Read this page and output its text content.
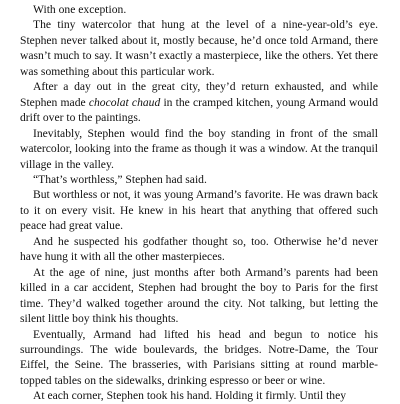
With one exception.

The tiny watercolor that hung at the level of a nine-year-old’s eye. Stephen never talked about it, mostly because, he’d once told Armand, there wasn’t much to say. It wasn’t exactly a masterpiece, like the others. Yet there was something about this particular work.

After a day out in the great city, they’d return exhausted, and while Stephen made chocolat chaud in the cramped kitchen, young Armand would drift over to the paintings.

Inevitably, Stephen would find the boy standing in front of the small watercolor, looking into the frame as though it was a window. At the tranquil village in the valley.

“That’s worthless,” Stephen had said.

But worthless or not, it was young Armand’s favorite. He was drawn back to it on every visit. He knew in his heart that anything that offered such peace had great value.

And he suspected his godfather thought so, too. Otherwise he’d never have hung it with all the other masterpieces.

At the age of nine, just months after both Armand’s parents had been killed in a car accident, Stephen had brought the boy to Paris for the first time. They’d walked together around the city. Not talking, but letting the silent little boy think his thoughts.

Eventually, Armand had lifted his head and begun to notice his surroundings. The wide boulevards, the bridges. Notre-Dame, the Tour Eiffel, the Seine. The brasseries, with Parisians sitting at round marble-topped tables on the sidewalks, drinking espresso or beer or wine.

At each corner, Stephen took his hand. Holding it firmly. Until they
